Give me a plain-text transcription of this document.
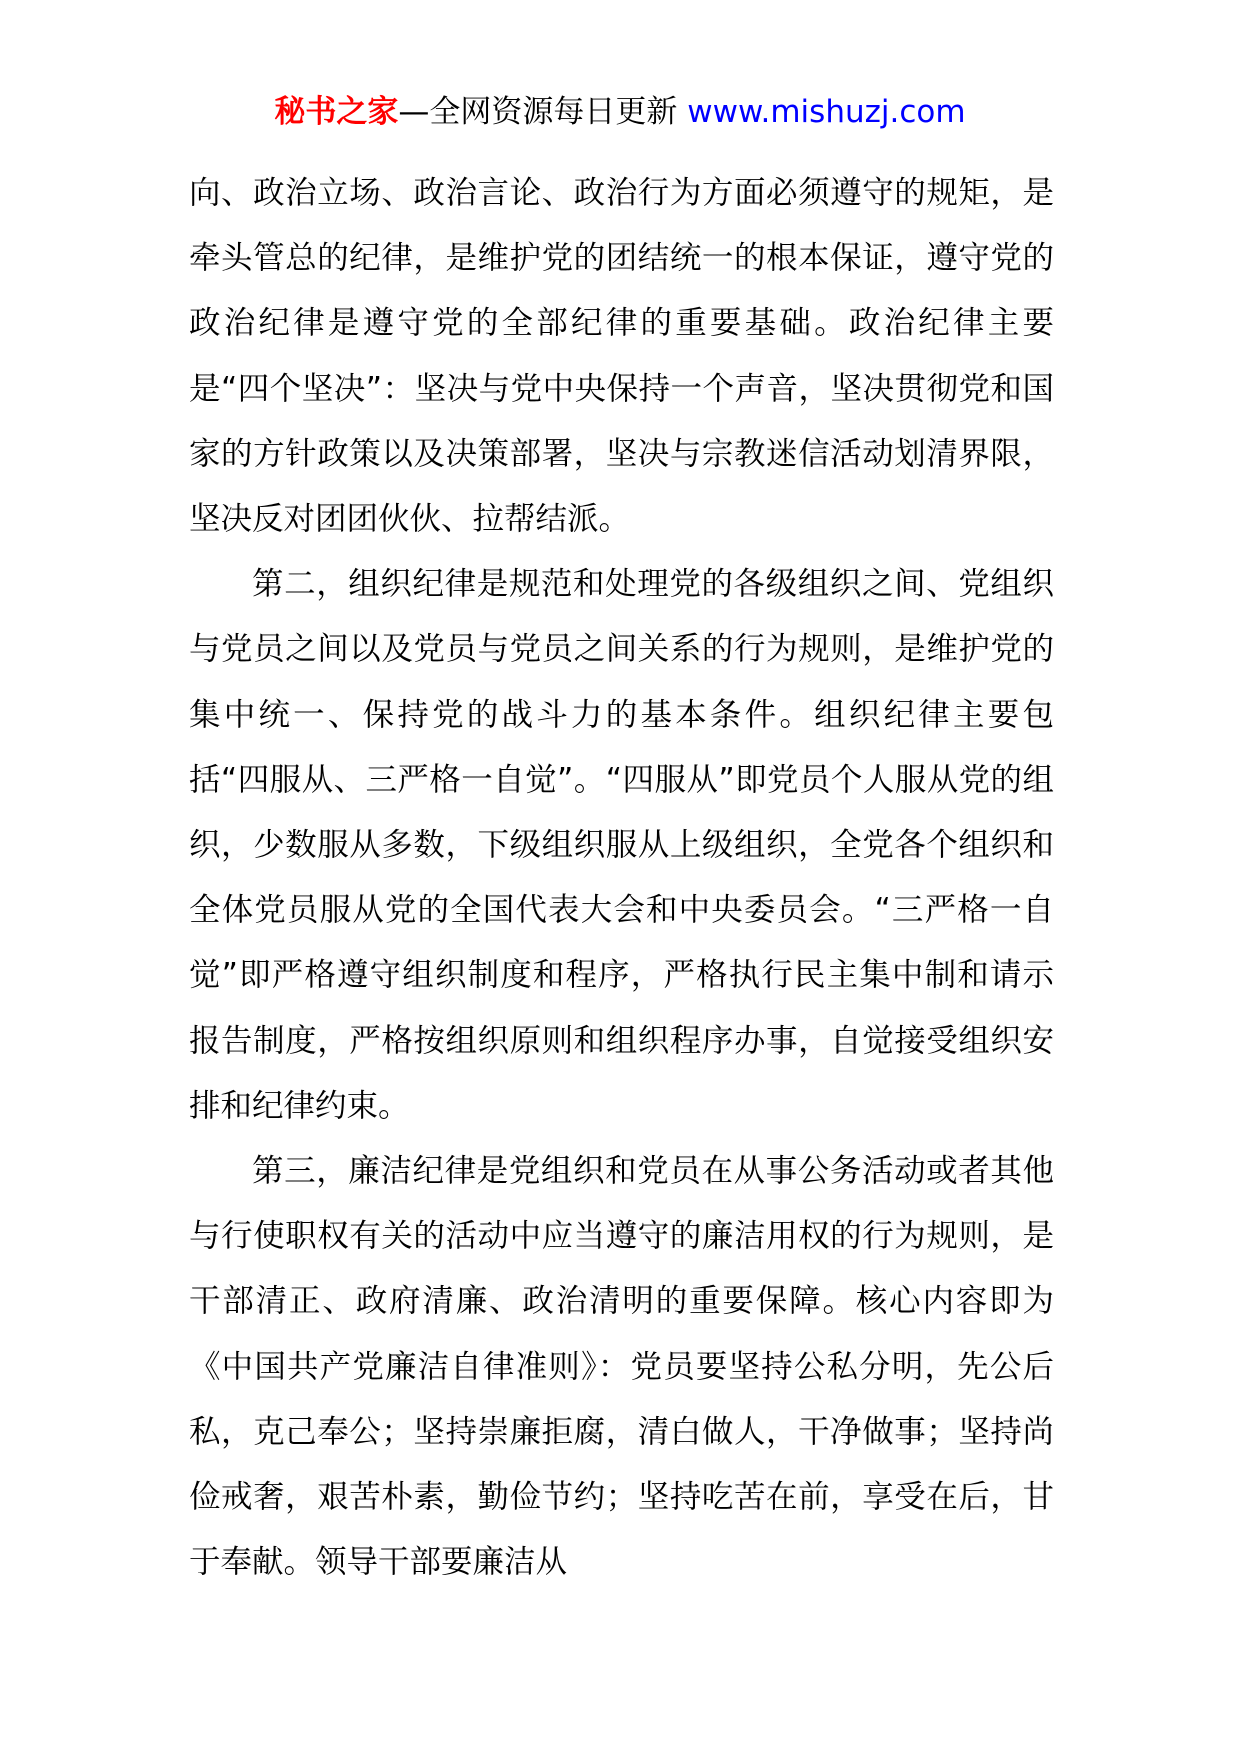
秘书之家—全网资源每日更新 www.mishuzj.com

向、政治立场、政治言论、政治行为方面必须遵守的规矩，是牵头管总的纪律，是维护党的团结统一的根本保证，遵守党的政治纪律是遵守党的全部纪律的重要基础。政治纪律主要是“四个坚决”：坚决与党中央保持一个声音，坚决贯彻党和国家的方针政策以及决策部署，坚决与宗教迷信活动划清界限，坚决反对团团伙伙、拉帮结派。

第二，组织纪律是规范和处理党的各级组织之间、党组织与党员之间以及党员与党员之间关系的行为规则，是维护党的集中统一、保持党的战斗力的基本条件。组织纪律主要包括“四服从、三严格一自觉”。“四服从”即党员个人服从党的组织，少数服从多数，下级组织服从上级组织，全党各个组织和全体党员服从党的全国代表大会和中央委员会。“三严格一自觉”即严格遵守组织制度和程序，严格执行民主集中制和请示报告制度，严格按组织原则和组织程序办事，自觉接受组织安排和纪律约束。

第三，廉洁纪律是党组织和党员在从事公务活动或者其他与行使职权有关的活动中应当遵守的廉洁用权的行为规则，是干部清正、政府清廉、政治清明的重要保障。核心内容即为《中国共产党廉洁自律准则》：党员要坚持公私分明，先公后私，克己奉公；坚持崇廉拒腐，清白做人，干净做事；坚持尚俭戒奢，艰苦朴素，勤俭节约；坚持吃苦在前，享受在后，甘于奉献。领导干部要廉洁从
